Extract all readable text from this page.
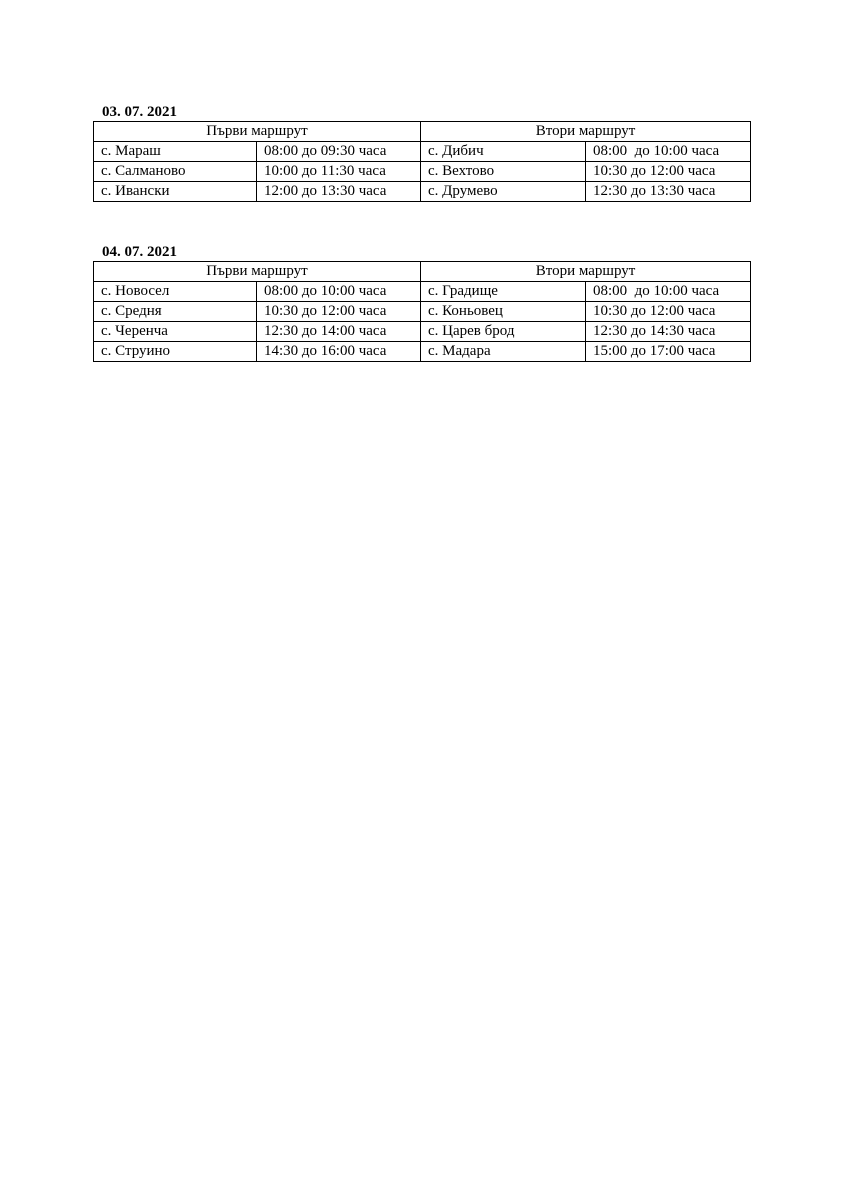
03. 07. 2021

Първи маршрут		Втори маршрут	
с. Мараш	08:00 до 09:30 часа	с. Дибич	08:00  до 10:00 часа
с. Салманово	10:00 до 11:30 часа	с. Вехтово	10:30 до 12:00 часа
с. Ивански	12:00 до 13:30 часа	с. Друмево	12:30 до 13:30 часа

04. 07. 2021

Първи маршрут		Втори маршрут	
с. Новосел	08:00 до 10:00 часа	с. Градище	08:00  до 10:00 часа
с. Средня	10:30 до 12:00 часа	с. Коньовец	10:30 до 12:00 часа
с. Черенча	12:30 до 14:00 часа	с. Царев брод	12:30 до 14:30 часа
с. Струино	14:30 до 16:00 часа	с. Мадара	15:00 до 17:00 часа
